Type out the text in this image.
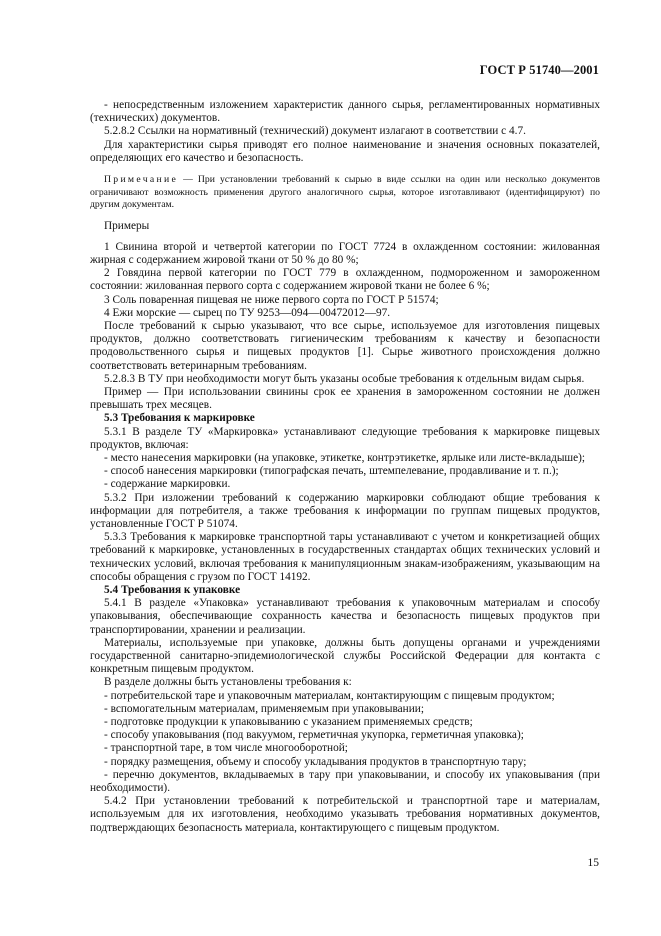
ГОСТ Р 51740—2001

- непосредственным изложением характеристик данного сырья, регламентированных нормативных (технических) документов.

5.2.8.2 Ссылки на нормативный (технический) документ излагают в соответствии с 4.7.

Для характеристики сырья приводят его полное наименование и значения основных показателей, определяющих его качество и безопасность.

Примечание — При установлении требований к сырью в виде ссылки на один или несколько документов ограничивают возможность применения другого аналогичного сырья, которое изготавливают (идентифицируют) по другим документам.

Примеры

1 Свинина второй и четвертой категории по ГОСТ 7724 в охлажденном состоянии: жилованная жирная с содержанием жировой ткани от 50 % до 80 %;

2 Говядина первой категории по ГОСТ 779 в охлажденном, подмороженном и замороженном состоянии: жилованная первого сорта с содержанием жировой ткани не более 6 %;

3 Соль поваренная пищевая не ниже первого сорта по ГОСТ Р 51574;

4 Ежи морские — сырец по ТУ 9253—094—00472012—97.

После требований к сырью указывают, что все сырье, используемое для изготовления пищевых продуктов, должно соответствовать гигиеническим требованиям к качеству и безопасности продовольственного сырья и пищевых продуктов [1]. Сырье животного происхождения должно соответствовать ветеринарным требованиям.

5.2.8.3 В ТУ при необходимости могут быть указаны особые требования к отдельным видам сырья.

Пример — При использовании свинины срок ее хранения в замороженном состоянии не должен превышать трех месяцев.

5.3 Требования к маркировке

5.3.1 В разделе ТУ «Маркировка» устанавливают следующие требования к маркировке пищевых продуктов, включая:

- место нанесения маркировки (на упаковке, этикетке, контрэтикетке, ярлыке или листе-вкладыше);

- способ нанесения маркировки (типографская печать, штемпелевание, продавливание и т. п.);

- содержание маркировки.

5.3.2 При изложении требований к содержанию маркировки соблюдают общие требования к информации для потребителя, а также требования к информации по группам пищевых продуктов, установленные ГОСТ Р 51074.

5.3.3 Требования к маркировке транспортной тары устанавливают с учетом и конкретизацией общих требований к маркировке, установленных в государственных стандартах общих технических условий и технических условий, включая требования к манипуляционным знакам-изображениям, указывающим на способы обращения с грузом по ГОСТ 14192.

5.4 Требования к упаковке

5.4.1 В разделе «Упаковка» устанавливают требования к упаковочным материалам и способу упаковывания, обеспечивающие сохранность качества и безопасность пищевых продуктов при транспортировании, хранении и реализации.

Материалы, используемые при упаковке, должны быть допущены органами и учреждениями государственной санитарно-эпидемиологической службы Российской Федерации для контакта с конкретным пищевым продуктом.

В разделе должны быть установлены требования к:

- потребительской таре и упаковочным материалам, контактирующим с пищевым продуктом;

- вспомогательным материалам, применяемым при упаковывании;

- подготовке продукции к упаковыванию с указанием применяемых средств;

- способу упаковывания (под вакуумом, герметичная укупорка, герметичная упаковка);

- транспортной таре, в том числе многооборотной;

- порядку размещения, объему и способу укладывания продуктов в транспортную тару;

- перечню документов, вкладываемых в тару при упаковывании, и способу их упаковывания (при необходимости).

5.4.2 При установлении требований к потребительской и транспортной таре и материалам, используемым для их изготовления, необходимо указывать требования нормативных документов, подтверждающих безопасность материала, контактирующего с пищевым продуктом.

15
